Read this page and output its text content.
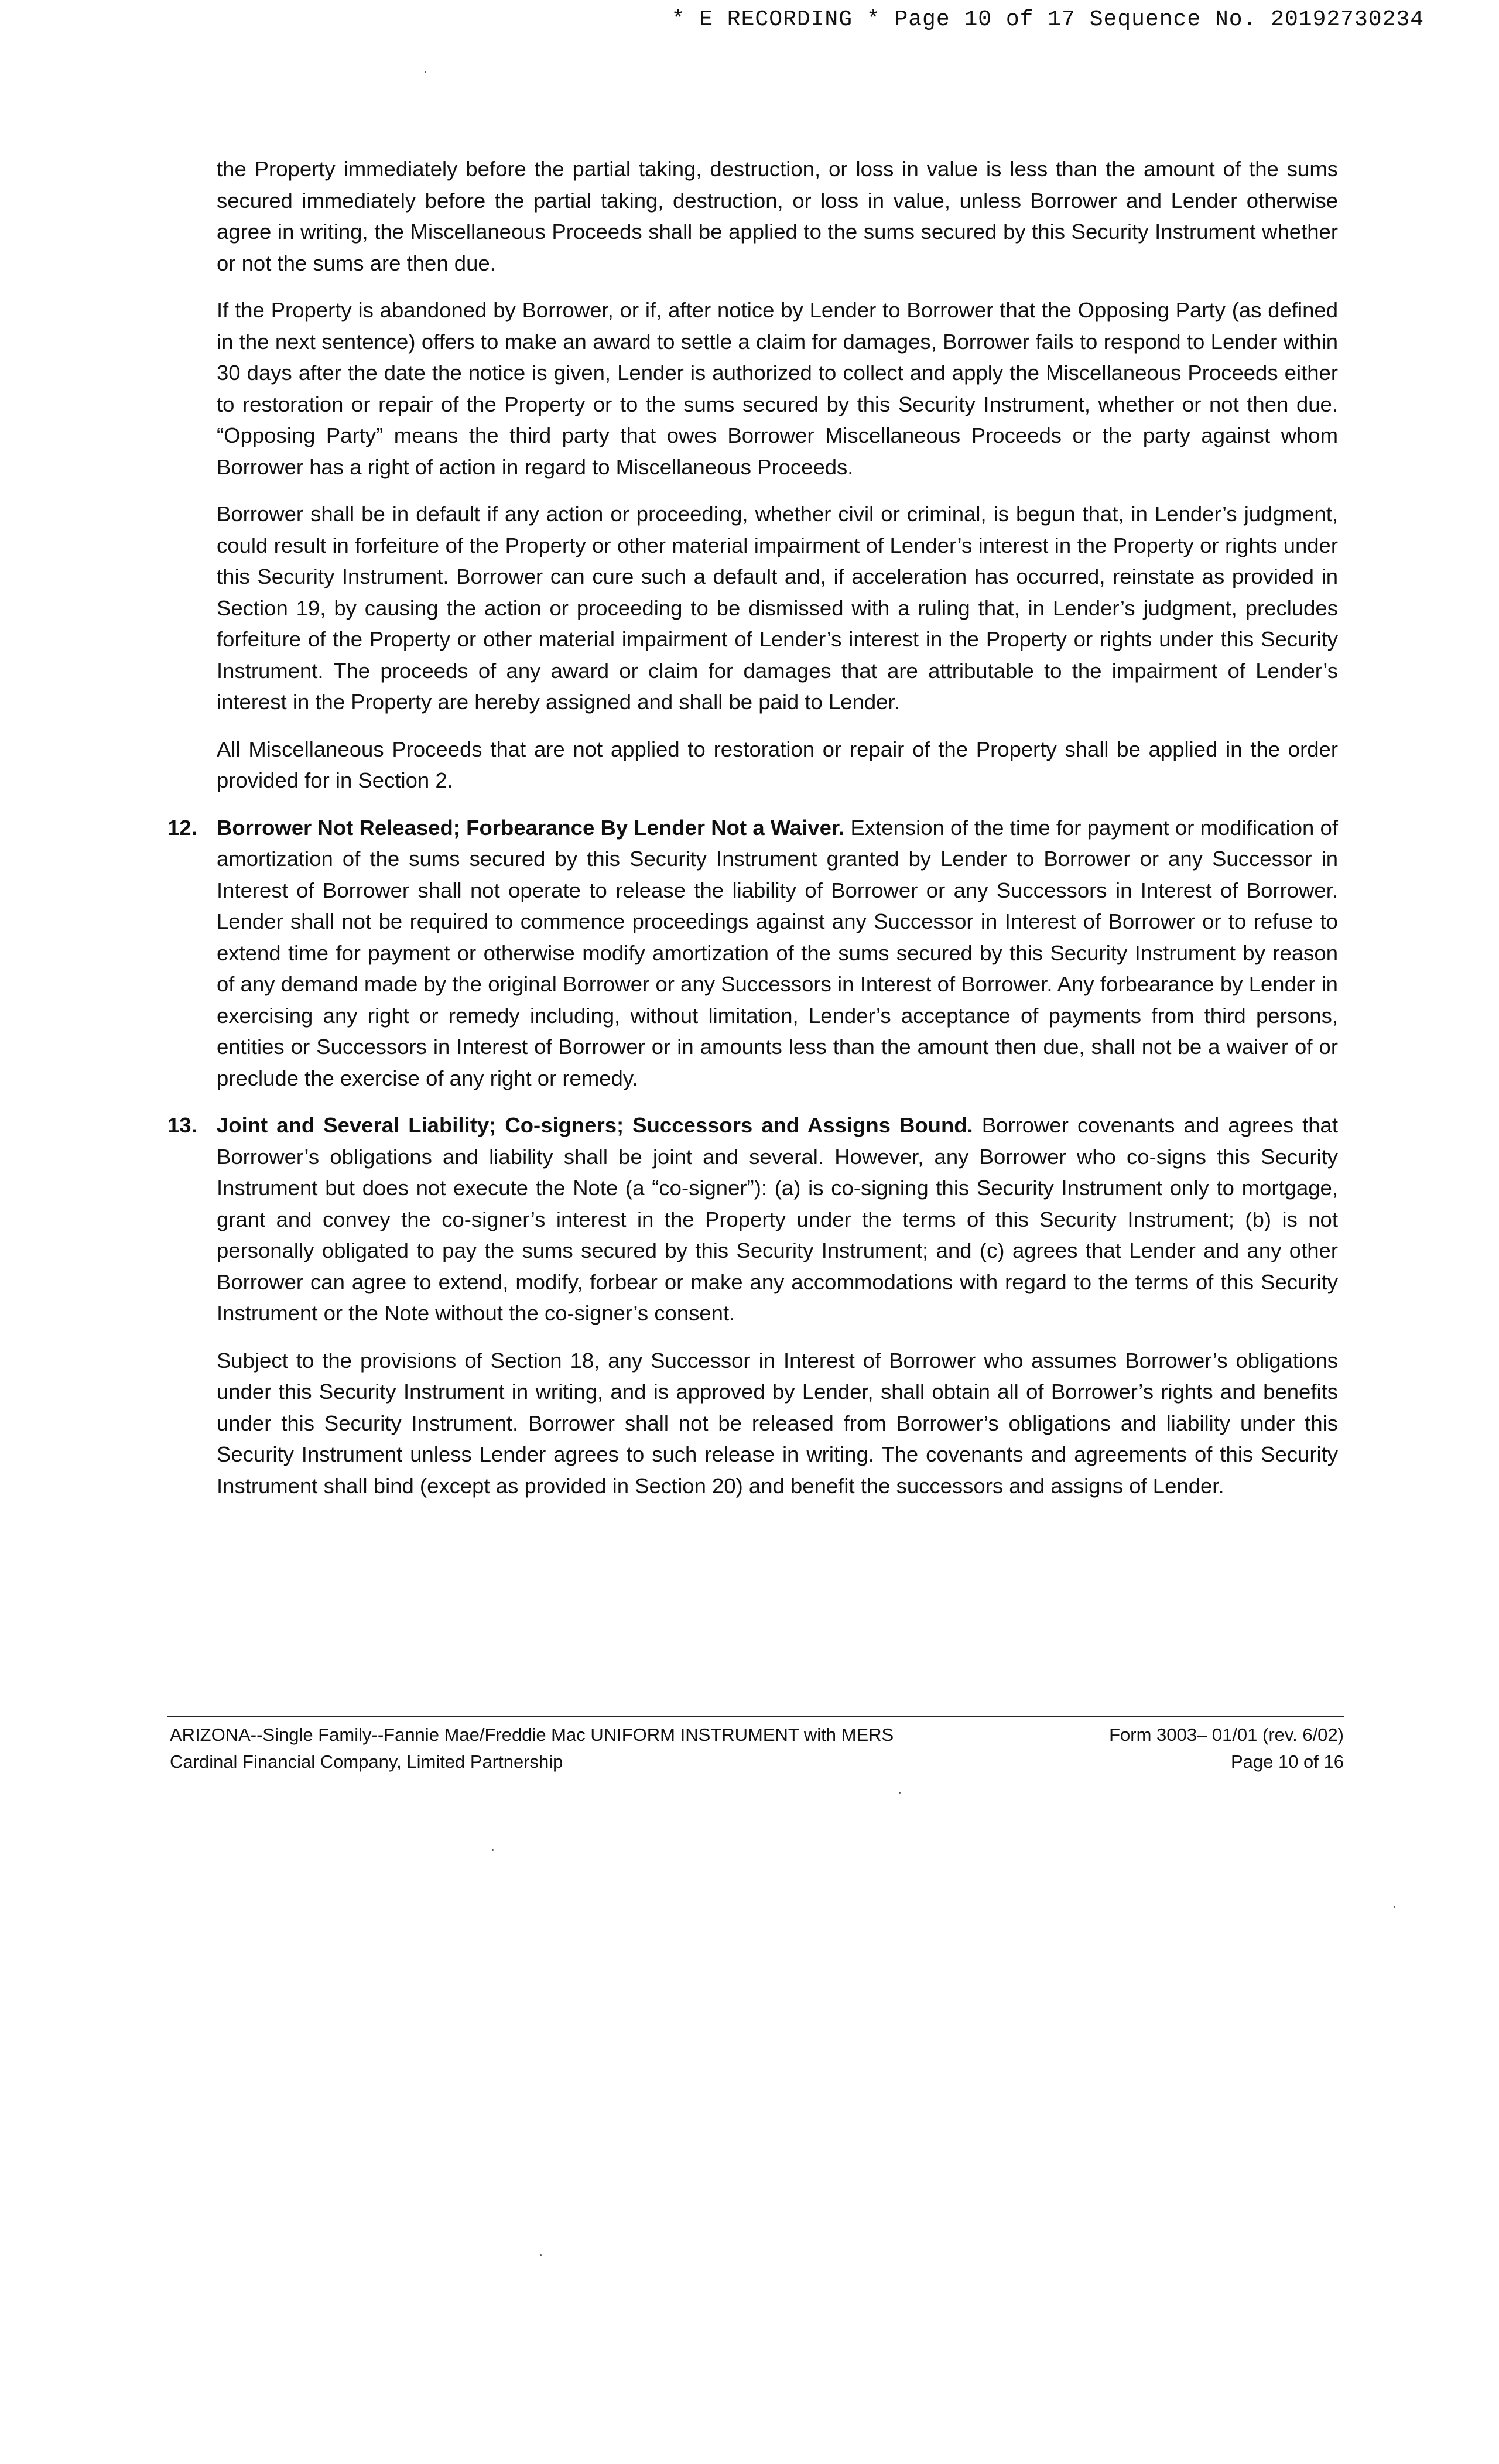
* E RECORDING * Page 10 of 17 Sequence No. 20192730234

the Property immediately before the partial taking, destruction, or loss in value is less than the amount of the sums secured immediately before the partial taking, destruction, or loss in value, unless Borrower and Lender otherwise agree in writing, the Miscellaneous Proceeds shall be applied to the sums secured by this Security Instrument whether or not the sums are then due.

If the Property is abandoned by Borrower, or if, after notice by Lender to Borrower that the Opposing Party (as defined in the next sentence) offers to make an award to settle a claim for damages, Borrower fails to respond to Lender within 30 days after the date the notice is given, Lender is authorized to collect and apply the Miscellaneous Proceeds either to restoration or repair of the Property or to the sums secured by this Security Instrument, whether or not then due. “Opposing Party” means the third party that owes Borrower Miscellaneous Proceeds or the party against whom Borrower has a right of action in regard to Miscellaneous Proceeds.

Borrower shall be in default if any action or proceeding, whether civil or criminal, is begun that, in Lender’s judgment, could result in forfeiture of the Property or other material impairment of Lender’s interest in the Property or rights under this Security Instrument. Borrower can cure such a default and, if acceleration has occurred, reinstate as provided in Section 19, by causing the action or proceeding to be dismissed with a ruling that, in Lender’s judgment, precludes forfeiture of the Property or other material impairment of Lender’s interest in the Property or rights under this Security Instrument. The proceeds of any award or claim for damages that are attributable to the impairment of Lender’s interest in the Property are hereby assigned and shall be paid to Lender.

All Miscellaneous Proceeds that are not applied to restoration or repair of the Property shall be applied in the order provided for in Section 2.

12. Borrower Not Released; Forbearance By Lender Not a Waiver. Extension of the time for payment or modification of amortization of the sums secured by this Security Instrument granted by Lender to Borrower or any Successor in Interest of Borrower shall not operate to release the liability of Borrower or any Successors in Interest of Borrower. Lender shall not be required to commence proceedings against any Successor in Interest of Borrower or to refuse to extend time for payment or otherwise modify amortization of the sums secured by this Security Instrument by reason of any demand made by the original Borrower or any Successors in Interest of Borrower. Any forbearance by Lender in exercising any right or remedy including, without limitation, Lender’s acceptance of payments from third persons, entities or Successors in Interest of Borrower or in amounts less than the amount then due, shall not be a waiver of or preclude the exercise of any right or remedy.

13. Joint and Several Liability; Co-signers; Successors and Assigns Bound. Borrower covenants and agrees that Borrower’s obligations and liability shall be joint and several. However, any Borrower who co-signs this Security Instrument but does not execute the Note (a “co-signer”): (a) is co-signing this Security Instrument only to mortgage, grant and convey the co-signer’s interest in the Property under the terms of this Security Instrument; (b) is not personally obligated to pay the sums secured by this Security Instrument; and (c) agrees that Lender and any other Borrower can agree to extend, modify, forbear or make any accommodations with regard to the terms of this Security Instrument or the Note without the co-signer’s consent.

Subject to the provisions of Section 18, any Successor in Interest of Borrower who assumes Borrower’s obligations under this Security Instrument in writing, and is approved by Lender, shall obtain all of Borrower’s rights and benefits under this Security Instrument. Borrower shall not be released from Borrower’s obligations and liability under this Security Instrument unless Lender agrees to such release in writing. The covenants and agreements of this Security Instrument shall bind (except as provided in Section 20) and benefit the successors and assigns of Lender.

ARIZONA--Single Family--Fannie Mae/Freddie Mac UNIFORM INSTRUMENT with MERS
Cardinal Financial Company, Limited Partnership
Form 3003– 01/01 (rev. 6/02)
Page 10 of 16
